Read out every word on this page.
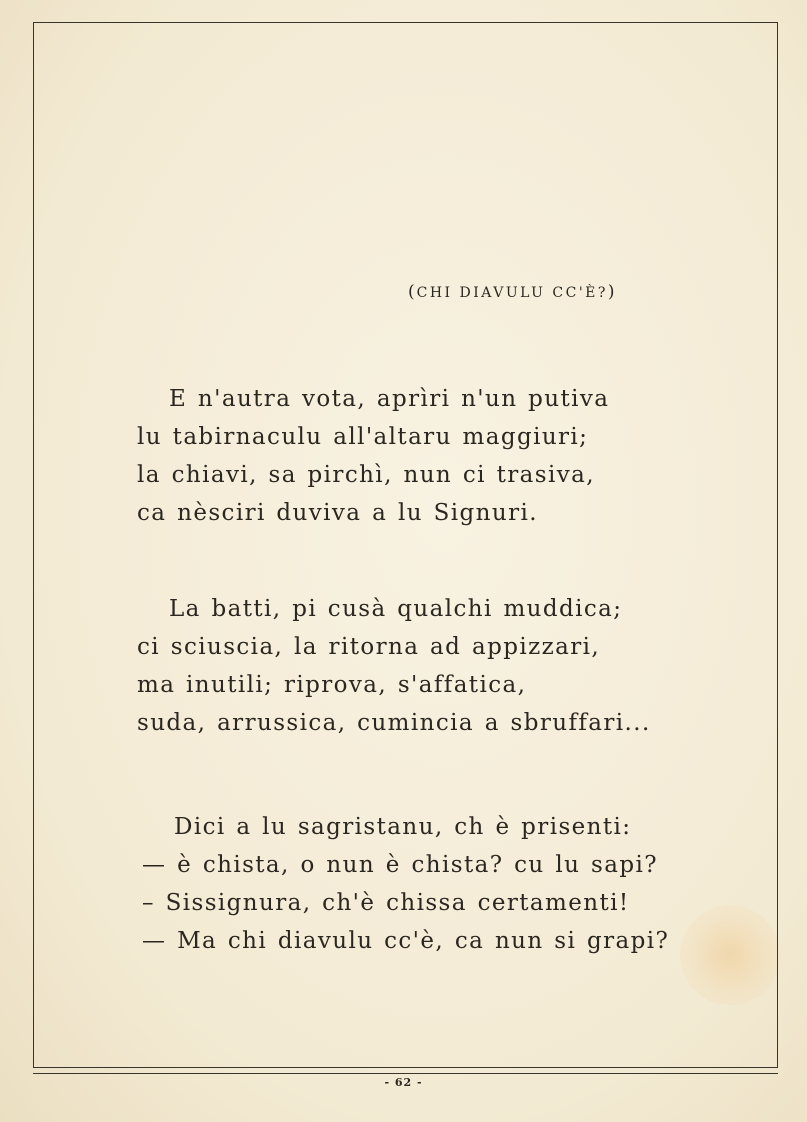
(CHI DIAVULU CC'È?)
E n'autra vota, aprìri n'un putiva
lu tabirnaculu all'altaru maggiuri;
la chiavi, sa pirchì, nun ci trasiva,
ca nèsciri duviva a lu Signuri.
La batti, pi cusà qualchi muddica;
ci sciuscia, la ritorna ad appizzari,
ma inutili; riprova, s'affatica,
suda, arrussica, cumincia a sbruffari...
Dici a lu sagristanu, ch è prisenti:
— è chista, o nun è chista? cu lu sapi?
– Sissignura, ch'è chissa certamenti!
— Ma chi diavulu cc'è, ca nun si grapi?
- 62 -
